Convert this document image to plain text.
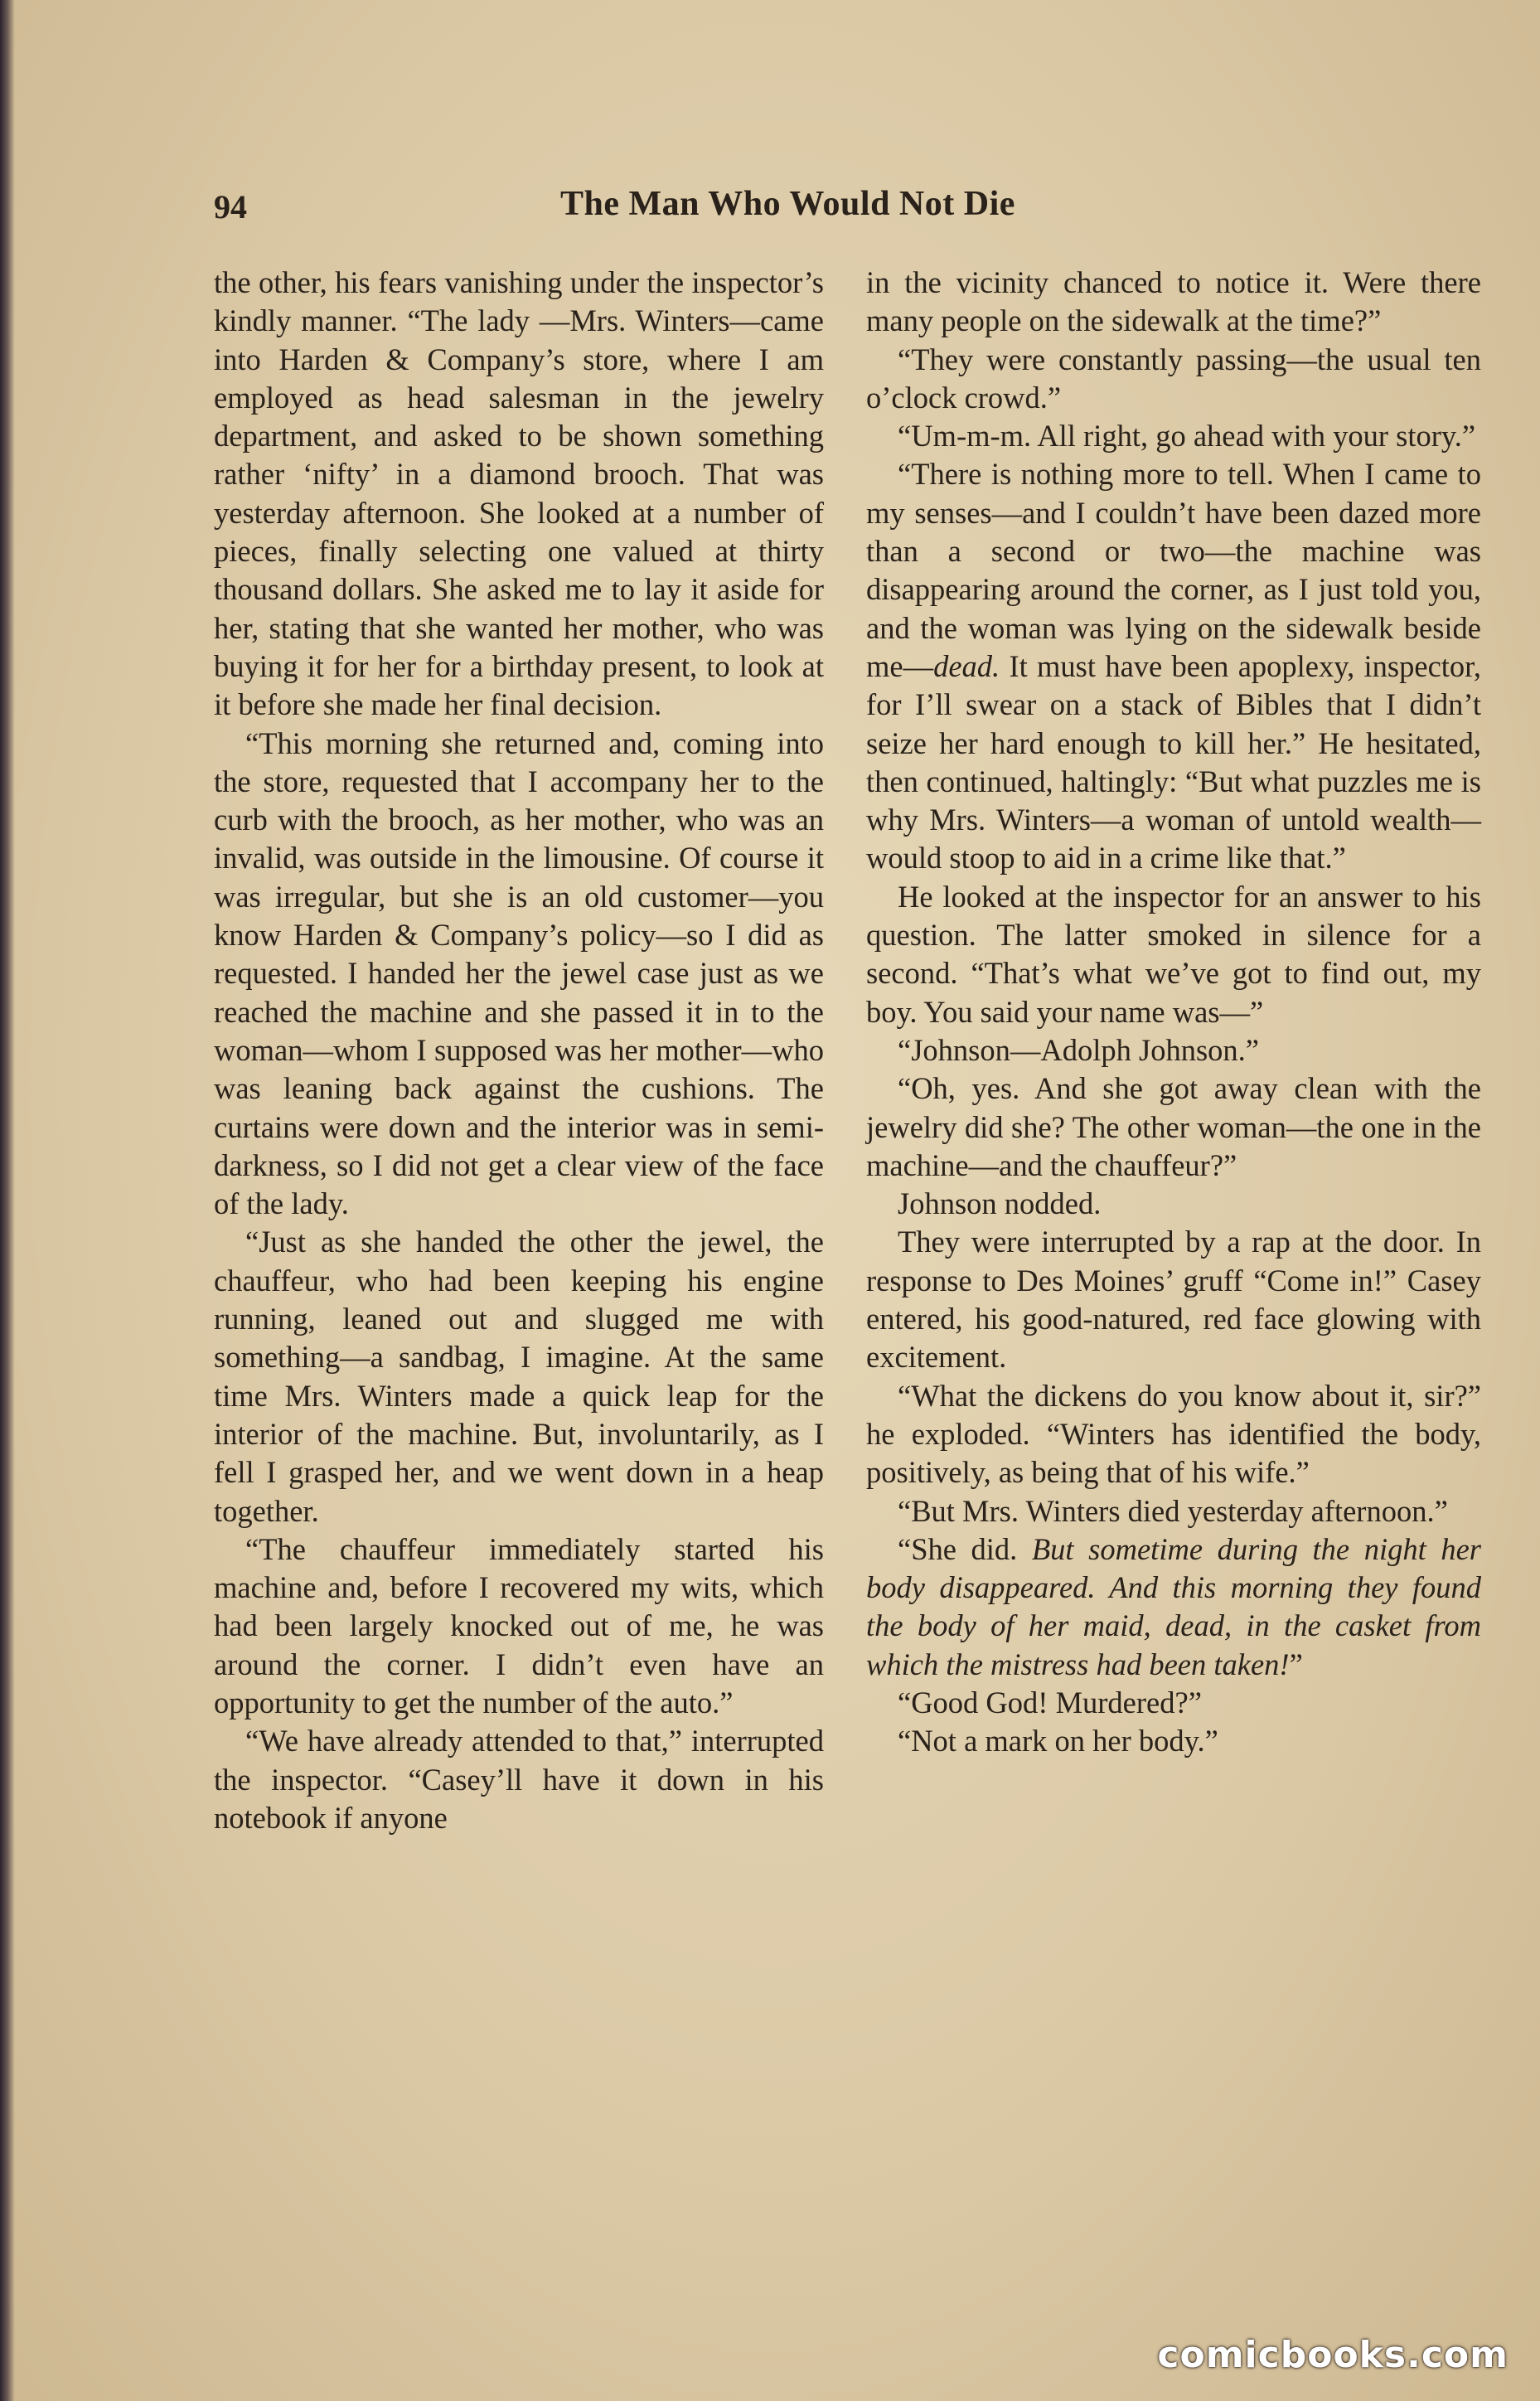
94	The Man Who Would Not Die

the other, his fears vanishing under the inspector’s kindly manner. “The lady —Mrs. Winters—came into Harden & Company’s store, where I am employed as head salesman in the jewelry department, and asked to be shown something rather ‘nifty’ in a diamond brooch. That was yesterday afternoon. She looked at a number of pieces, finally selecting one valued at thirty thousand dollars. She asked me to lay it aside for her, stating that she wanted her mother, who was buying it for her for a birthday present, to look at it before she made her final decision.

“This morning she returned and, coming into the store, requested that I accompany her to the curb with the brooch, as her mother, who was an invalid, was outside in the limousine. Of course it was irregular, but she is an old customer—you know Harden & Company’s policy—so I did as requested. I handed her the jewel case just as we reached the machine and she passed it in to the woman—whom I supposed was her mother—who was leaning back against the cushions. The curtains were down and the interior was in semi-darkness, so I did not get a clear view of the face of the lady.

“Just as she handed the other the jewel, the chauffeur, who had been keeping his engine running, leaned out and slugged me with something—a sandbag, I imagine. At the same time Mrs. Winters made a quick leap for the interior of the machine. But, involuntarily, as I fell I grasped her, and we went down in a heap together.

“The chauffeur immediately started his machine and, before I recovered my wits, which had been largely knocked out of me, he was around the corner. I didn’t even have an opportunity to get the number of the auto.”

“We have already attended to that,” interrupted the inspector. “Casey’ll have it down in his notebook if anyone

in the vicinity chanced to notice it. Were there many people on the sidewalk at the time?”

“They were constantly passing—the usual ten o’clock crowd.”

“Um-m-m. All right, go ahead with your story.”

“There is nothing more to tell. When I came to my senses—and I couldn’t have been dazed more than a second or two—the machine was disappearing around the corner, as I just told you, and the woman was lying on the sidewalk beside me—dead. It must have been apoplexy, inspector, for I’ll swear on a stack of Bibles that I didn’t seize her hard enough to kill her.” He hesitated, then continued, haltingly: “But what puzzles me is why Mrs. Winters—a woman of untold wealth—would stoop to aid in a crime like that.”

He looked at the inspector for an answer to his question. The latter smoked in silence for a second. “That’s what we’ve got to find out, my boy. You said your name was—”

“Johnson—Adolph Johnson.”

“Oh, yes. And she got away clean with the jewelry did she? The other woman—the one in the machine—and the chauffeur?”

Johnson nodded.

They were interrupted by a rap at the door. In response to Des Moines’ gruff “Come in!” Casey entered, his good-natured, red face glowing with excitement.

“What the dickens do you know about it, sir?” he exploded. “Winters has identified the body, positively, as being that of his wife.”

“But Mrs. Winters died yesterday afternoon.”

“She did. But sometime during the night her body disappeared. And this morning they found the body of her maid, dead, in the casket from which the mistress had been taken!”

“Good God! Murdered?”

“Not a mark on her body.”

comicbooks.com
